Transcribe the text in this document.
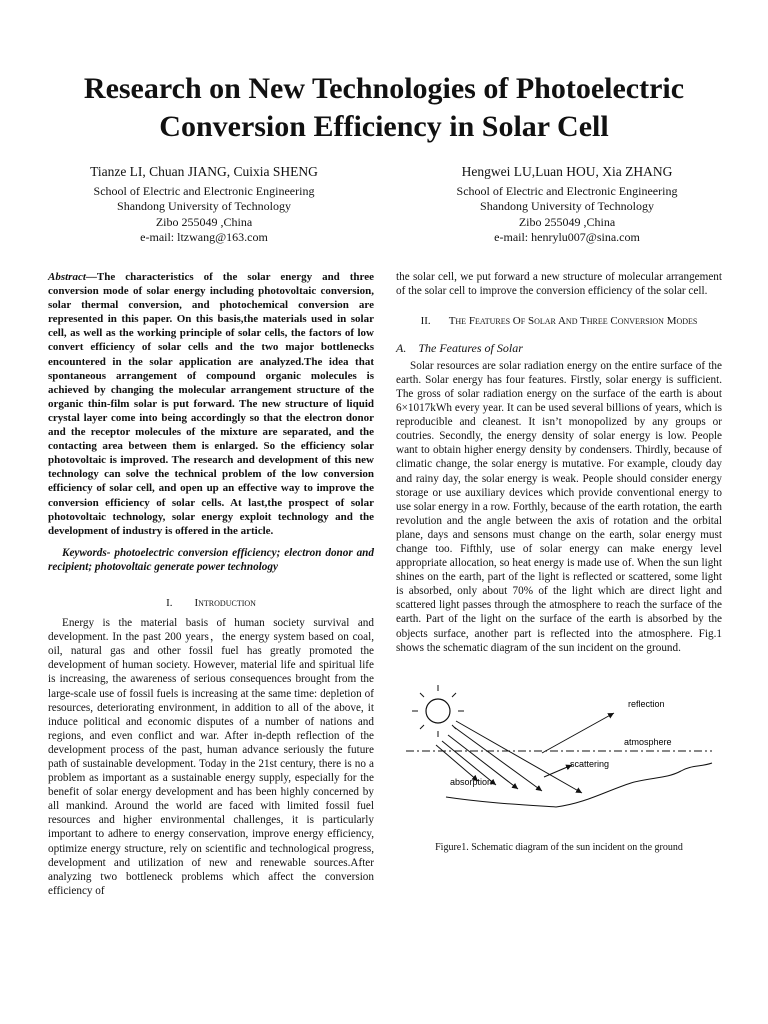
Research on New Technologies of Photoelectric
Conversion Efficiency in Solar Cell
Tianze LI, Chuan JIANG, Cuixia SHENG
School of Electric and Electronic Engineering
Shandong University of Technology
Zibo 255049 ,China
e-mail: ltzwang@163.com
Hengwei LU,Luan HOU, Xia ZHANG
School of Electric and Electronic Engineering
Shandong University of Technology
Zibo 255049 ,China
e-mail: henrylu007@sina.com
Abstract—The characteristics of the solar energy and three conversion mode of solar energy including photovoltaic conversion, solar thermal conversion, and photochemical conversion are represented in this paper. On this basis,the materials used in solar cell, as well as the working principle of solar cells, the factors of low convert efficiency of solar cells and the two major bottlenecks encountered in the solar application are analyzed.The idea that spontaneous arrangement of compound organic molecules is achieved by changing the molecular arrangement structure of the organic thin-film solar is put forward. The new structure of liquid crystal layer come into being accordingly so that the electron donor and the receptor molecules of the mixture are separated, and the contacting area between them is enlarged. So the efficiency solar photovoltaic is improved. The research and development of this new technology can solve the technical problem of the low conversion efficiency of solar cell, and open up an effective way to improve the conversion efficiency of solar cells. At last,the prospect of solar photovoltaic technology, solar energy exploit technology and the development of industry is offered in the article.
Keywords- photoelectric conversion efficiency; electron donor and recipient; photovoltaic generate power technology
I. Introduction

Energy is the material basis of human society survival and development. In the past 200 years，the energy system based on coal, oil, natural gas and other fossil fuel has greatly promoted the development of human society. However, material life and spiritual life is increasing, the awareness of serious consequences brought from the large-scale use of fossil fuels is increasing at the same time: depletion of resources, deteriorating environment, in addition to all of the above, it induce political and economic disputes of a number of nations and regions, and even conflict and war. After in-depth reflection of the development process of the past, human advance seriously the future path of sustainable development. Today in the 21st century, there is no a problem as important as a sustainable energy supply, especially for the benefit of solar energy development and has been highly concerned by all mankind. Around the world are faced with limited fossil fuel resources and higher environmental challenges, it is particularly important to adhere to energy conservation, improve energy efficiency, optimize energy structure, rely on scientific and technological progress, development and utilization of new and renewable sources.After analyzing two bottleneck problems which affect the conversion efficiency of

the solar cell, we put forward a new structure of molecular arrangement of the solar cell to improve the conversion efficiency of the solar cell.
II. The Features Of Solar And Three Conversion Modes
A. The Features of Solar

Solar resources are solar radiation energy on the entire surface of the earth. Solar energy has four features. Firstly, solar energy is sufficient. The gross of solar radiation energy on the surface of the earth is about 6×1017kWh every year. It can be used several billions of years, which is reproducible and cleanest. It isn’t monopolized by any groups or coutries. Secondly, the energy density of solar energy is low. People want to obtain higher energy density by condensers. Thirdly, because of climatic change, the solar energy is mutative. For example, cloudy day and rainy day, the solar energy is weak. People should consider energy storage or use auxiliary devices which provide conventional energy to use solar energy in a row. Forthly, because of the earth rotation, the earth revolution and the angle between the axis of rotation and the orbital plane, days and sensons must change on the earth, solar energy must change too. Fifthly, use of solar energy can make energy level appropriate allocation, so heat energy is made use of. When the sun light shines on the earth, part of the light is reflected or scattered, some light is absorbed, only about 70% of the light which are direct light and scattered light passes through the atmosphere to reach the surface of the earth. Part of the light on the surface of the earth is absorbed by the objects surface, another part is reflected into the atmosphere. Fig.1 shows the schematic diagram of the sun incident on the ground.

reflection
atmosphere
scattering
absorption
Figure1. Schematic diagram of the sun incident on the ground
